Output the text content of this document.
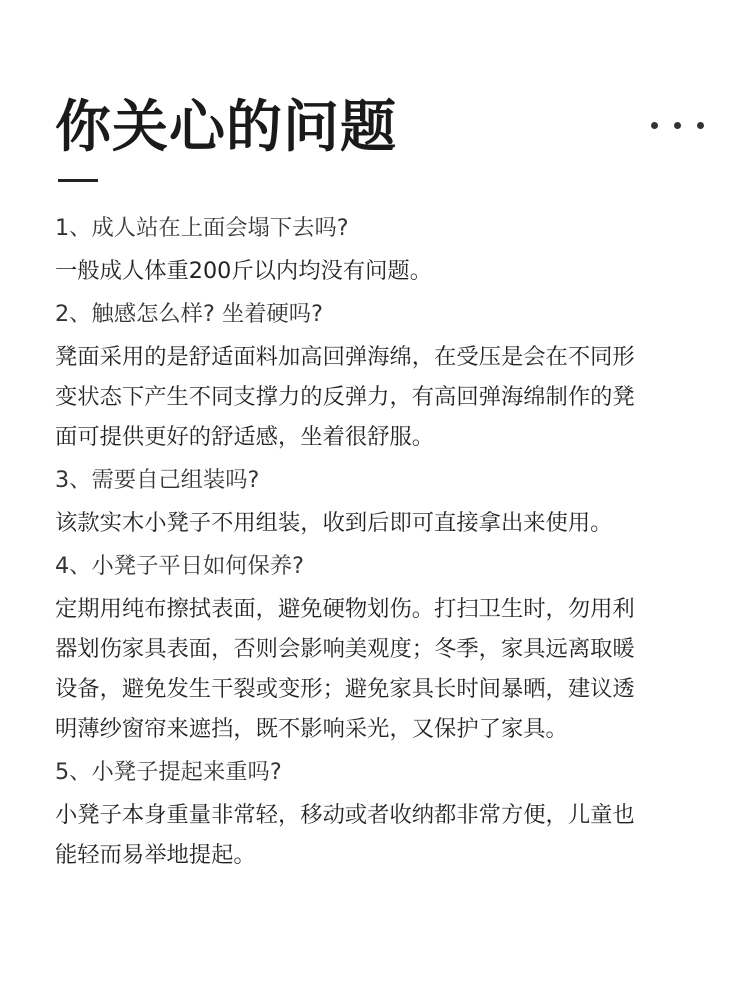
你关心的问题

1、成人站在上面会塌下去吗?

一般成人体重200斤以内均没有问题。

2、触感怎么样? 坐着硬吗?

凳面采用的是舒适面料加高回弹海绵，在受压是会在不同形

变状态下产生不同支撑力的反弹力，有高回弹海绵制作的凳

面可提供更好的舒适感，坐着很舒服。

3、需要自己组装吗?

该款实木小凳子不用组装，收到后即可直接拿出来使用。

4、小凳子平日如何保养?

定期用纯布擦拭表面，避免硬物划伤。打扫卫生时，勿用利

器划伤家具表面，否则会影响美观度；冬季，家具远离取暖

设备，避免发生干裂或变形；避免家具长时间暴晒，建议透

明薄纱窗帘来遮挡，既不影响采光，又保护了家具。

5、小凳子提起来重吗?

小凳子本身重量非常轻，移动或者收纳都非常方便，儿童也

能轻而易举地提起。
